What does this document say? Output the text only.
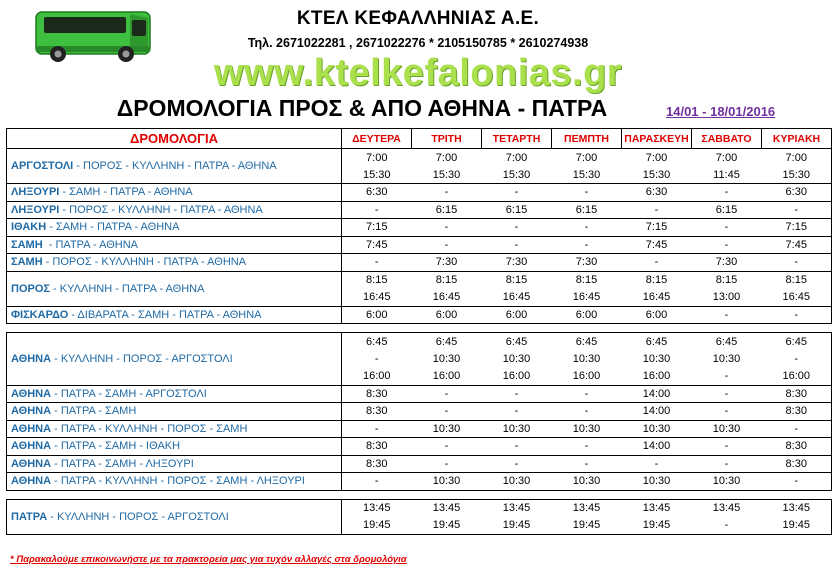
ΚΤΕΛ ΚΕΦΑΛΛΗΝΙΑΣ Α.Ε.
Τηλ. 2671022281 , 2671022276 * 2105150785 * 2610274938
www.ktelkefalonias.gr
ΔΡΟΜΟΛΟΓΙΑ ΠΡΟΣ & ΑΠΟ ΑΘΗΝΑ - ΠΑΤΡΑ	14/01 - 18/01/2016
ΔΡΟΜΟΛΟΓΙΑ	ΔΕΥΤΕΡΑ	ΤΡΙΤΗ	ΤΕΤΑΡΤΗ	ΠΕΜΠΤΗ	ΠΑΡΑΣΚΕΥΗ	ΣΑΒΒΑΤΟ	ΚΥΡΙΑΚΗ
ΑΡΓΟΣΤΟΛΙ - ΠΟΡΟΣ - ΚΥΛΛΗΝΗ - ΠΑΤΡΑ - ΑΘΗΝΑ	7:00	7:00	7:00	7:00	7:00	7:00	7:00
	15:30	15:30	15:30	15:30	15:30	11:45	15:30
ΛΗΞΟΥΡΙ - ΣΑΜΗ - ΠΑΤΡΑ - ΑΘΗΝΑ	6:30	-	-	-	6:30	-	6:30
ΛΗΞΟΥΡΙ - ΠΟΡΟΣ - ΚΥΛΛΗΝΗ - ΠΑΤΡΑ - ΑΘΗΝΑ	-	6:15	6:15	6:15	-	6:15	-
ΙΘΑΚΗ - ΣΑΜΗ - ΠΑΤΡΑ - ΑΘΗΝΑ	7:15	-	-	-	7:15	-	7:15
ΣΑΜΗ  - ΠΑΤΡΑ - ΑΘΗΝΑ	7:45	-	-	-	7:45	-	7:45
ΣΑΜΗ - ΠΟΡΟΣ - ΚΥΛΛΗΝΗ - ΠΑΤΡΑ - ΑΘΗΝΑ	-	7:30	7:30	7:30	-	7:30	-
ΠΟΡΟΣ - ΚΥΛΛΗΝΗ - ΠΑΤΡΑ - ΑΘΗΝΑ	8:15	8:15	8:15	8:15	8:15	8:15	8:15
	16:45	16:45	16:45	16:45	16:45	13:00	16:45
ΦΙΣΚΑΡΔΟ - ΔΙΒΑΡΑΤΑ - ΣΑΜΗ - ΠΑΤΡΑ - ΑΘΗΝΑ	6:00	6:00	6:00	6:00	6:00	-	-

ΑΘΗΝΑ - ΚΥΛΛΗΝΗ - ΠΟΡΟΣ - ΑΡΓΟΣΤΟΛΙ	6:45	6:45	6:45	6:45	6:45	6:45	6:45
	-	10:30	10:30	10:30	10:30	10:30	-
	16:00	16:00	16:00	16:00	16:00	-	16:00
ΑΘΗΝΑ - ΠΑΤΡΑ - ΣΑΜΗ - ΑΡΓΟΣΤΟΛΙ	8:30	-	-	-	14:00	-	8:30
ΑΘΗΝΑ - ΠΑΤΡΑ - ΣΑΜΗ	8:30	-	-	-	14:00	-	8:30
ΑΘΗΝΑ - ΠΑΤΡΑ - ΚΥΛΛΗΝΗ - ΠΟΡΟΣ - ΣΑΜΗ	-	10:30	10:30	10:30	10:30	10:30	-
ΑΘΗΝΑ - ΠΑΤΡΑ - ΣΑΜΗ - ΙΘΑΚΗ	8:30	-	-	-	14:00	-	8:30
ΑΘΗΝΑ - ΠΑΤΡΑ - ΣΑΜΗ - ΛΗΞΟΥΡΙ	8:30	-	-	-	-	-	8:30
ΑΘΗΝΑ - ΠΑΤΡΑ - ΚΥΛΛΗΝΗ - ΠΟΡΟΣ - ΣΑΜΗ - ΛΗΞΟΥΡΙ	-	10:30	10:30	10:30	10:30	10:30	-

ΠΑΤΡΑ - ΚΥΛΛΗΝΗ - ΠΟΡΟΣ - ΑΡΓΟΣΤΟΛΙ	13:45	13:45	13:45	13:45	13:45	13:45	13:45
	19:45	19:45	19:45	19:45	19:45	-	19:45
* Παρακαλούμε επικοινωνήστε με τα πρακτορεία μας για τυχόν αλλαγές στα δρομολόγια
